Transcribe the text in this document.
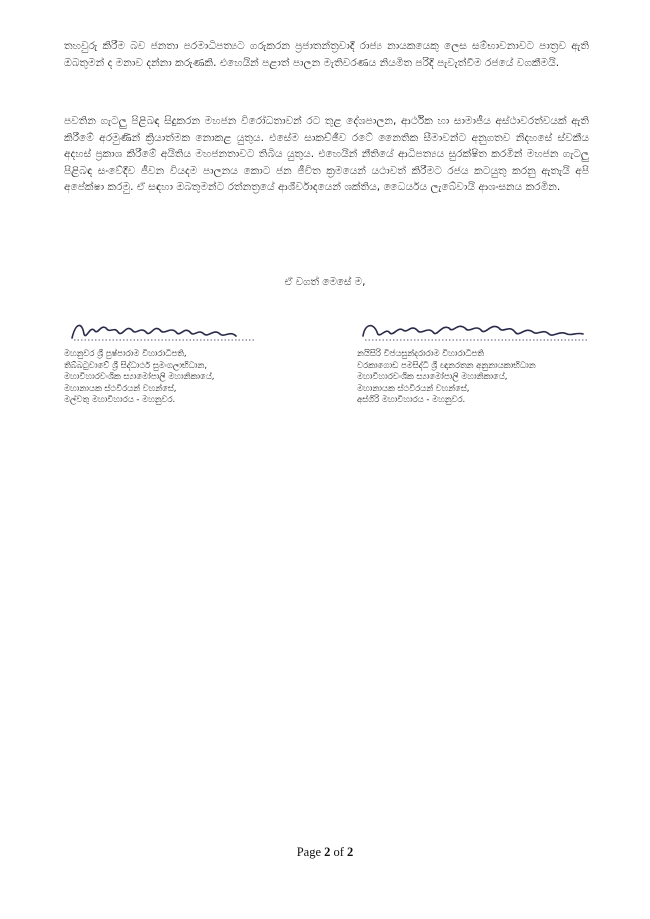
තහවුරු කිරීම බව ජනතා පරමාධිපත්‍යට ගරුකරන ප්‍රජාතන්ත්‍රවාදී රාජ්‍ය නායකයෙකු ලෙස සම්භාවනාවට පාත්‍රව ඇති ඔබතුමන් ද මනාව දන්නා කරුණකි. එහෙයින් පළාත් පාලන මැතිවරණය නියමිත පරිදි පැවැත්වීම රජයේ වගකීමයි.

පවතින ගැටලු පිළිබඳ සිදුකරන මහජන විරෝධතාවන් රට තුළ දේශපාලන, ආර්ථික හා සාමාජීය අස්ථාවරත්වයක් ඇති කිරීමේ අරමුණින් ක්‍රියාත්මක නොකළ යුතුය. එසේම සාකච්ඡීව රටේ නෛතික සීමාවන්ට අනුගතව නිදහසේ ස්වකීය අදහස් ප්‍රකාශ කිරීමේ අයිතිය මහජනතාවට තිබිය යුතුය. එහෙයින් නීතියේ ආධිපත්‍යය සුරක්ෂිත කරමින් මහජන ගැටලු පිළිබඳ සංවේදීව ජීවන වියදම පාලනය කොට ජන ජීවිත ක්‍රමයෙන් යථාවත් කිරීමට රජය කටයුතු කරනු ඇතැයි අපි අපේක්ෂා කරමු. ඒ සඳහා ඔබතුමන්ට රත්නත්‍රයේ ආශීර්වාදයෙන් ශක්තිය, ධෛර්යය ලැබේවායි ආශංසනය කරමින.

ඒ වගත් මෙසේ ම,
මහනුවර ශ්‍රී පුෂ්පාරාම විහාරාධිපති,
තිබ්බටුවාවේ ශ්‍රී සිද්ධාර්ථ සුමංගලාභිධාන,
මහාවිහාරවංශික ස්‍යාමෝපාලි මහානිකායේ,
මහානායක ස්ථවිරයන් වහන්සේ,
මල්වතු මහාවිහාරය - මහනුවර.
නයිසිරි විජයසුන්දරාරාම විහාරාධිපති
වරකාගොඩ පමසිද්ධි ශ්‍රී ඥානරතන අනුනායකාභිධාන
මහාවිහාරවංශික ස්‍යාමෝපාලි මහානිකායේ,
මහානායක ස්ථවිරයන් වහන්සේ,
අස්ගිරි මහාවිහාරය - මහනුවර.
Page 2 of 2
